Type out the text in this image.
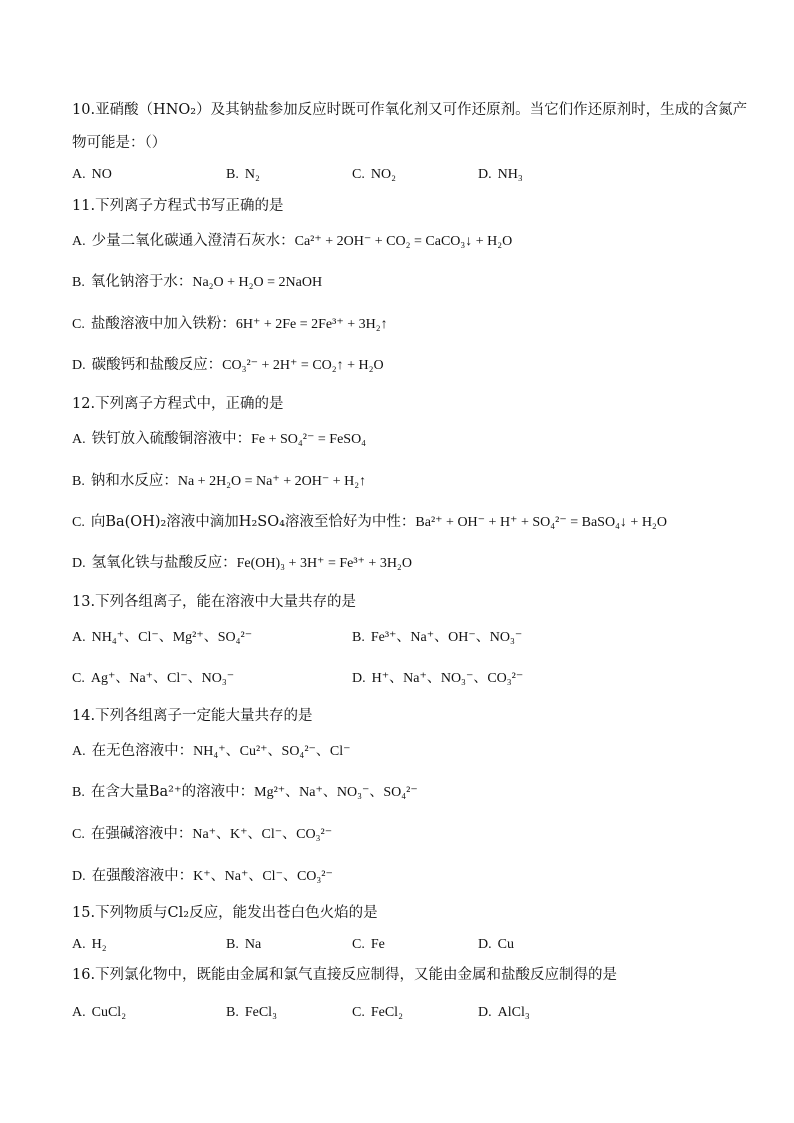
10.亚硝酸（HNO₂）及其钠盐参加反应时既可作氧化剂又可作还原剂。当它们作还原剂时，生成的含氮产
物可能是：（）
A. NO	B. N₂	C. NO₂	D. NH₃
11.下列离子方程式书写正确的是
A. 少量二氧化碳通入澄清石灰水：Ca²⁺ + 2OH⁻ + CO₂ = CaCO₃↓ + H₂O
B. 氧化钠溶于水：Na₂O + H₂O = 2NaOH
C. 盐酸溶液中加入铁粉：6H⁺ + 2Fe = 2Fe³⁺ + 3H₂↑
D. 碳酸钙和盐酸反应：CO₃²⁻ + 2H⁺ = CO₂↑ + H₂O
12.下列离子方程式中，正确的是
A. 铁钉放入硫酸铜溶液中：Fe + SO₄²⁻ = FeSO₄
B. 钠和水反应：Na + 2H₂O = Na⁺ + 2OH⁻ + H₂↑
C. 向Ba(OH)₂溶液中滴加H₂SO₄溶液至恰好为中性：Ba²⁺ + OH⁻ + H⁺ + SO₄²⁻ = BaSO₄↓ + H₂O
D. 氢氧化铁与盐酸反应：Fe(OH)₃ + 3H⁺ = Fe³⁺ + 3H₂O
13.下列各组离子，能在溶液中大量共存的是
A. NH₄⁺、Cl⁻、Mg²⁺、SO₄²⁻	B. Fe³⁺、Na⁺、OH⁻、NO₃⁻
C. Ag⁺、Na⁺、Cl⁻、NO₃⁻	D. H⁺、Na⁺、NO₃⁻、CO₃²⁻
14.下列各组离子一定能大量共存的是
A. 在无色溶液中：NH₄⁺、Cu²⁺、SO₄²⁻、Cl⁻
B. 在含大量Ba²⁺的溶液中：Mg²⁺、Na⁺、NO₃⁻、SO₄²⁻
C. 在强碱溶液中：Na⁺、K⁺、Cl⁻、CO₃²⁻
D. 在强酸溶液中：K⁺、Na⁺、Cl⁻、CO₃²⁻
15.下列物质与Cl₂反应，能发出苍白色火焰的是
A. H₂	B. Na	C. Fe	D. Cu
16.下列氯化物中，既能由金属和氯气直接反应制得，又能由金属和盐酸反应制得的是
A. CuCl₂	B. FeCl₃	C. FeCl₂	D. AlCl₃
